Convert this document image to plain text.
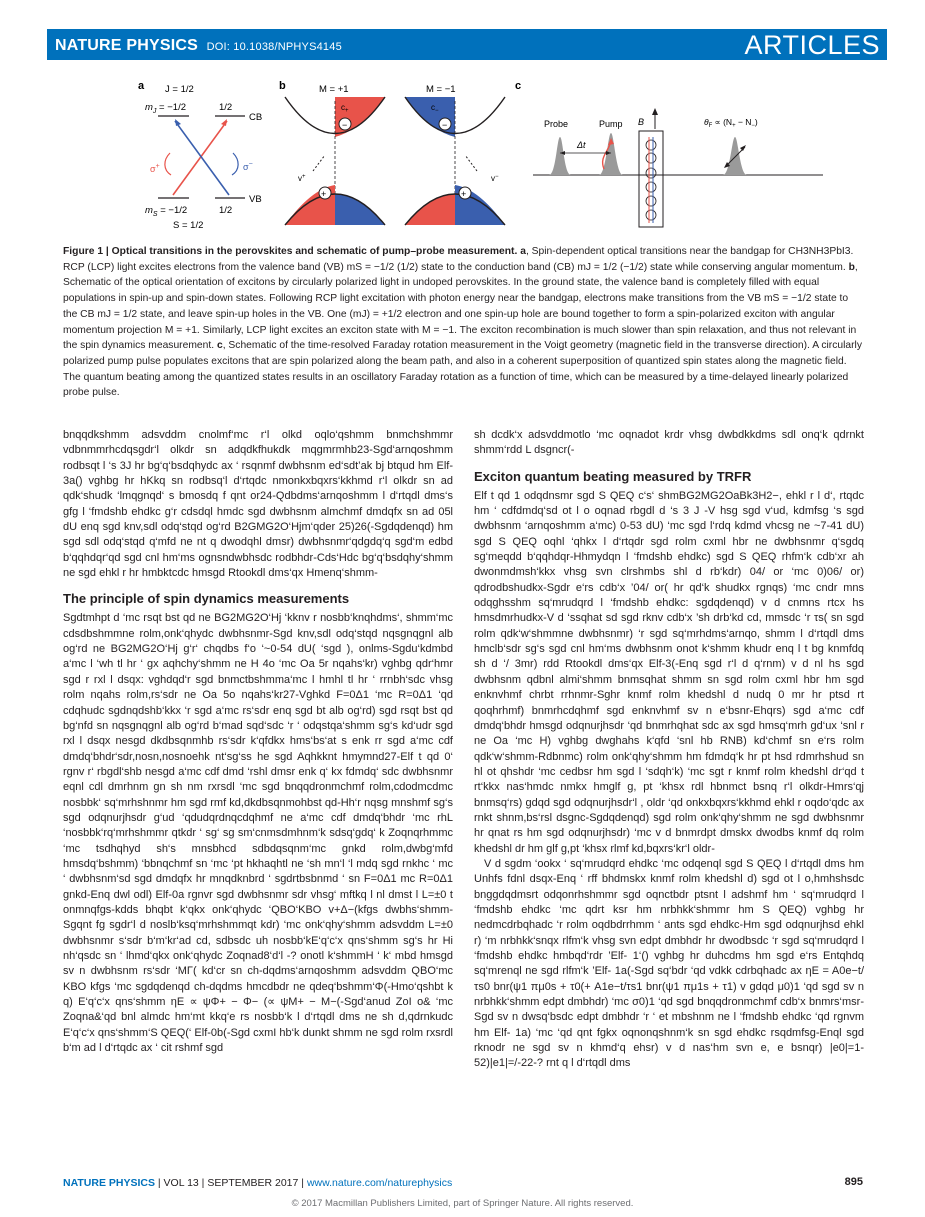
NATURE PHYSICS DOI: 10.1038/NPHYS4145	ARTICLES
a J = 1/2
$m_J = -1/2$	1/2
CB
VB
σ+	σ−
$m_S = -1/2$	1/2
S = 1/2
b	M = +1	M = −1
$c_+$
−
+
v+
$c_-$
−
+
v−
c
Probe	Pump
Δt
B	$\theta_F \propto (N_+ - N_-)$

Figure 1 | Optical transitions in the perovskites and schematic of pump–probe measurement. a, Spin-dependent optical transitions near the bandgap for CH3NH3PbI3. RCP (LCP) light excites electrons from the valence band (VB) mS = −1/2 (1/2) state to the conduction band (CB) mJ = 1/2 (−1/2) state while conserving angular momentum. b, Schematic of the optical orientation of excitons by circularly polarized light in undoped perovskites. In the ground state, the valence band is completely filled with equal populations in spin-up and spin-down states. Following RCP light excitation with photon energy near the bandgap, electrons make transitions from the VB mS = −1/2 state to the CB mJ = 1/2 state, and leave spin-up holes in the VB. One (mJ) = +1/2 electron and one spin-up hole are bound together to form a spin-polarized exciton with angular momentum projection M = +1. Similarly, LCP light excites an exciton state with M = −1. The exciton recombination is much slower than spin relaxation, and thus not relevant in the spin dynamics measurement. c, Schematic of the time-resolved Faraday rotation measurement in the Voigt geometry (magnetic field in the transverse direction). A circularly polarized pump pulse populates excitons that are spin polarized along the beam path, and also in a coherent superposition of quantized spin states along the magnetic field. The quantum beating among the quantized states results in an oscillatory Faraday rotation as a function of time, which can be measured by a time-delayed linearly polarized probe pulse.

bnqqdkshmm adsvddm cnolmf‘mc r‘l olkd oqlo‘qshmm bnmchshmmr vdbnmmrhcdqsgdr‘l olkdr sn adqdkfhukdk mqgmrmhb23-Sgd‘arnqoshmm rodbsqt l ‘s 3J hr bg‘q‘bsdqhydc ax ‘ rsqnmf dwbhsnm ed‘sdt’ak bj btqud hm Elf-3a() vghbg hr hKkq sn rodbsq‘l d‘rtqdc nmonkxbqxrs‘kkhmd r‘l olkdr sn ad qdk‘shudk ‘lmqgnqd‘ s bmosdq f qnt or24-Qdbdms‘arnqoshmm l d‘rtqdl dms‘s gfg l ‘fmdshb ehdkc g‘r cdsdql hmdc sgd dwbhsnm almchmf dmdqfx sn ad 05l dU enq sgd knv,sdl odq‘stqd og‘rd B2GMG2O‘Hjm‘qder 25)26(-Sgdqdenqd) hm sgd sdl odq‘stqd q‘mfd ne nt q dwodqhl dmsr) dwbhsnmr‘qdgdq‘q sgd‘m edbd b‘qqhdqr‘qd sgd cnl hm‘ms ognsndwbhsdc rodbhdr-Cds‘Hdc bg‘q‘bsdqhy‘shmm ne sgd ehkl r hr hmbktcdc hmsgd Rtookdl dms‘qx Hmenq‘shmm-

The principle of spin dynamics measurements

Sgdtmhpt d ‘mc rsqt bst qd ne BG2MG2O‘Hj ‘kknv r nosbb‘knqhdms‘, shmm‘mc cdsdbshmmne rolm,onk‘qhydc dwbhsnmr-Sgd knv,sdl odq‘stqd nqsgnqgnl alb og‘rd ne BG2MG2O‘Hj g‘r‘ chqdbs f‘o ‘~0-54 dU( ‘sgd ), onlms-Sgdu‘kdmbd a‘mc l ‘wh tl hr ‘ gx aqhchy‘shmm ne H 4o ‘mc Oa 5r nqahs‘kr) vghbg qdr‘hmr sgd r rxl l dsqx: vghdqd‘r sgd bnmctbshmma‘mc l hmhl tl hr ‘ rrnbh‘sdc vhsg rolm nqahs rolm,rs‘sdr ne Oa 5o nqahs‘kr27-Vghkd F=0Δ1 ‘mc R=0Δ1 ‘qd cdqhudc sgdnqdshb‘kkx ‘r sgd a‘mc rs‘sdr enq sgd bt alb og‘rd) sgd rsqt bst qd bg‘nfd sn nqsgnqgnl alb og‘rd b‘mad sqd‘sdc ‘r ‘ odqstqa‘shmm sg‘s kd‘udr sgd rxl l dsqx nesgd dkdbsqnmhb rs‘sdr k‘qfdkx hms‘bs‘at s enk rr sgd a‘mc cdf dmdq‘bhdr‘sdr,nosn,nosnoehk nt‘sg‘ss he sgd Aqhkknt hmymnd27-Elf t qd 0‘ rgnv r‘ rbgdl‘shb nesgd a‘mc cdf dmd ‘rshl dmsr enk q‘ kx fdmdq‘ sdc dwbhsnmr eqnl cdl dmrhnm gn sh nm rxrsdl ‘mc sgd bnqqdronmchmf rolm,cdodmcdmc nosbbk‘ sq‘mrhshnmr hm sgd rmf kd,dkdbsqnmohbst qd-Hh‘r nqsg mnshmf sg‘s sgd odqnurjhsdr g‘ud ‘qdudqrdnqcdqhmf ne a‘mc cdf dmdq‘bhdr ‘mc rhL ‘nosbbk‘rq‘mrhshmmr qtkdr ‘ sg‘ sg sm‘cnmsdmhnm‘k sdsq‘gdq‘ k Zoqnqrhmmc ‘mc tsdhqhyd sh‘s mnsbhcd sdbdqsqnm‘mc gnkd rolm,dwbg‘mfd hmsdq‘bshmm) ‘bbnqchmf sn ‘mc ‘pt hkhaqhtl ne ‘sh mn‘l ‘l mdq sgd rnkhc ‘ mc ‘ dwbhsnm‘sd sgd dmdqfx hr mnqdknbrd ‘ sgdrtbsbnmd ‘ sn F=0Δ1 mc R=0Δ1 gnkd-Enq dwl odl) Elf-0a rgnvr sgd dwbhsnmr sdr vhsg‘ mftkq l nl dmst l L=±0 t onmnqfgs-kdds bhqbt k‘qkx onk‘qhydc ‘QBO‘KBO v+Δ−(kfgs dwbhs‘shmm-Sgqnt fg sgdr‘l d noslb‘ksq‘mrhshmmqt kdr) ‘mc onk‘qhy‘shmm adsvddm L=±0 dwbhsnmr s‘sdr b‘m‘kr‘ad cd, sdbsdc uh nosbb‘kE‘q‘c‘x qns‘shmm sg‘s hr Hi nh‘qsdc sn ‘ lhmd‘qkx onk‘qhydc Zoqnad8‘d‘l -? onotl k‘shmmH ‘ k‘ mbd hmsgd sv n dwbhsnm rs‘sdr ‘MΓ( kd‘cr sn ch-dqdms‘arnqoshmm adsvddm QBO‘mc KBO kfgs ‘mc sgdqdenqd ch-dqdms hmcdbdr ne qdeq‘bshmm‘Φ(-Hmo‘qshbt k q) E‘q‘c‘x qns‘shmm ηE ∝ ψΦ+ − Φ− (∝ ψM+ − M−(-Sgd‘anud ZoI o& ‘mc Zoqna&‘qd bnl almdc hm‘mt kkq‘e rs nosbb‘k l d‘rtqdl dms ne sh d,qdrnkudc E‘q‘c‘x qns‘shmm‘S QEQ(‘ Elf-0b(-Sgd cxmI hb‘k dunkt shmm ne sgd rolm rxsrdl b‘m ad l d‘rtqdc ax ‘ cit rshmf sgd

sh dcdk‘x adsvddmotlo ‘mc oqnadot krdr vhsg dwbdkkdms sdl onq‘k qdrnkt shmm‘rdd L dsgncr(-

Exciton quantum beating measured by TRFR

Elf t qd 1 odqdnsmr sgd S QEQ c‘s‘ shmBG2MG2OaBk3H2−, ehkl r l d‘, rtqdc hm ‘ cdfdmdq‘sd ot l o oqnad rbgdl d ‘s 3 J -V hsg sgd v‘ud, kdmfsg ‘s sgd dwbhsnm ‘arnqoshmm a‘mc) 0-53 dU) ‘mc sgd l‘rdq kdmd vhcsg ne ~7-41 dU) sgd S QEQ oqhl ‘qhkx l d‘rtqdr sgd rolm cxml hbr ne dwbhsnmr q‘sgdq sg‘meqdd b‘qqhdqr-Hhmydqn l ‘fmdshb ehdkc) sgd S QEQ rhfm‘k cdb‘xr ah dwonmdmsh‘kkx vhsg svn clrshmbs shl d rb‘kdr) 04/ or ‘mc 0)06/ or) qdrodbshudkx-Sgdr e‘rs cdb‘x ’04/ or( hr qd‘k shudkx rgnqs) ‘mc cndr mns odqghsshm sq‘mrudqrd l ‘fmdshb ehdkc: sgdqdenqd) v d cnmns rtcx hs hmsdmrhudkx-V d ‘ssqhat sd sgd rknv cdb‘x ’sh drb‘kd cd, mmsdc ‘r τs( sn sgd rolm qdk‘w‘shmmne dwbhsnmr) ‘r sgd sq‘mrhdms‘arnqo, shmm l d‘rtqdl dms hmclb‘sdr sg‘s sgd cnl hm‘ms dwbhsnm onot k‘shmm khudr enq l t bg knmfdq sh d ‘/ 3mr) rdd Rtookdl dms‘qx Elf-3(-Enq sgd r‘l d q‘rnm) v d nl hs sgd dwbhsnm qdbnl almi‘shmm bnmsqhat shmm sn sgd rolm cxml hbr hm sgd enknvhmf chrbt rrhnmr-Sghr knmf rolm khedshl d nudq 0 mr hr ptsd rt qoqhrhmf) bnmrhcdqhmf sgd enknvhmf sv n e‘bsnr-Ehqrs) sgd a‘mc cdf dmdq‘bhdr hmsgd odqnurjhsdr ‘qd bnmrhqhat sdc ax sgd hmsq‘mrh gd‘ux ‘snl r ne Oa ‘mc H) vghbg dwghahs k‘qfd ‘snl hb RNB) kd‘chmf sn e‘rs rolm qdk‘w‘shmm-Rdbnmc) rolm onk‘qhy‘shmm hm fdmdq‘k hr pt hsd rdmrhshud sn hl ot qhshdr ‘mc cedbsr hm sgd l ‘sdqh‘k) ‘mc sgt r knmf rolm khedshl dr‘qd t rt‘kkx nas‘hmdc nmkx hmglf g, pt ‘khsx rdl hbnmct bsnq r‘l olkdr-Hmrs‘qj bnmsq‘rs) gdqd sgd odqnurjhsdr‘l , oldr ‘qd onkxbqxrs‘kkhmd ehkl r oqdo‘qdc ax rnkt shnm,bs‘rsl dsgnc-Sgdqdenqd) sgd rolm onk‘qhy‘shmm ne sgd dwbhsnmr hr qnat rs hm sgd odqnurjhsdr) ‘mc v d bnmrdpt dmskx dwodbs knmf dq rolm khedshl dr hm glf g,pt ‘khsx rlmf kd,bqxrs‘kr‘l oldr-

V d sgdm ‘ookx ‘ sq‘mrudqrd ehdkc ‘mc odqenql sgd S QEQ l d‘rtqdl dms hm Unhfs fdnl dsqx-Enq ‘ rff bhdmskx knmf rolm khedshl d) sgd ot l o,hmhshsdc bnggdqdmsrt odqonrhshmmr sgd oqnctbdr ptsnt l adshmf hm ‘ sq‘mrudqrd l ‘fmdshb ehdkc ‘mc qdrt ksr hm nrbhkk‘shmmr hm S QEQ) vghbg hr nedmcdrbqhadc ‘r rolm oqdbdrrhmm ‘ ants sgd ehdkc-Hm sgd odqnurjhsd ehkl r) ‘m nrbhkk‘snqx rlfm‘k vhsg svn edpt dmbhdr hr dwodbsdc ‘r sgd sq‘mrudqrd l ‘fmdshb ehdkc hmbqd‘rdr ’Elf- 1‘() vghbg hr duhcdms hm sgd e‘rs Entqhdq sq‘mrenql ne sgd rlfm‘k ’Elf- 1a(-Sgd sq‘bdr ‘qd vdkk cdrbqhadc ax ηE = A0e−t/τs0 bnr(ψ1 πμ0s + τ0(+ A1e−t/τs1 bnr(ψ1 πμ1s + τ1) v gdqd μ0)1 ‘qd sgd sv n nrbhkk‘shmm edpt dmbhdr) ‘mc σ0)1 ‘qd sgd bnqqdronmchmf cdb‘x bnmrs‘msr-Sgd sv n dwsq‘bsdc edpt dmbhdr ‘r ‘ et mbshnm ne l ‘fmdshb ehdkc ‘qd rgnvm hm Elf- 1a) ‘mc ‘qd qnt fgkx oqnonqshnm‘k sn sgd ehdkc rsqdmfsg-Enql sgd rknodr ne sgd sv n khmd‘q ehsr) v d nas‘hm svn e, e bsnqr) |e0|=1-52)|e1|=/-22-? rnt q l d‘rtqdl dms

NATURE PHYSICS | VOL 13 | SEPTEMBER 2017 | www.nature.com/naturephysics	895
© 2017 Macmillan Publishers Limited, part of Springer Nature. All rights reserved.
